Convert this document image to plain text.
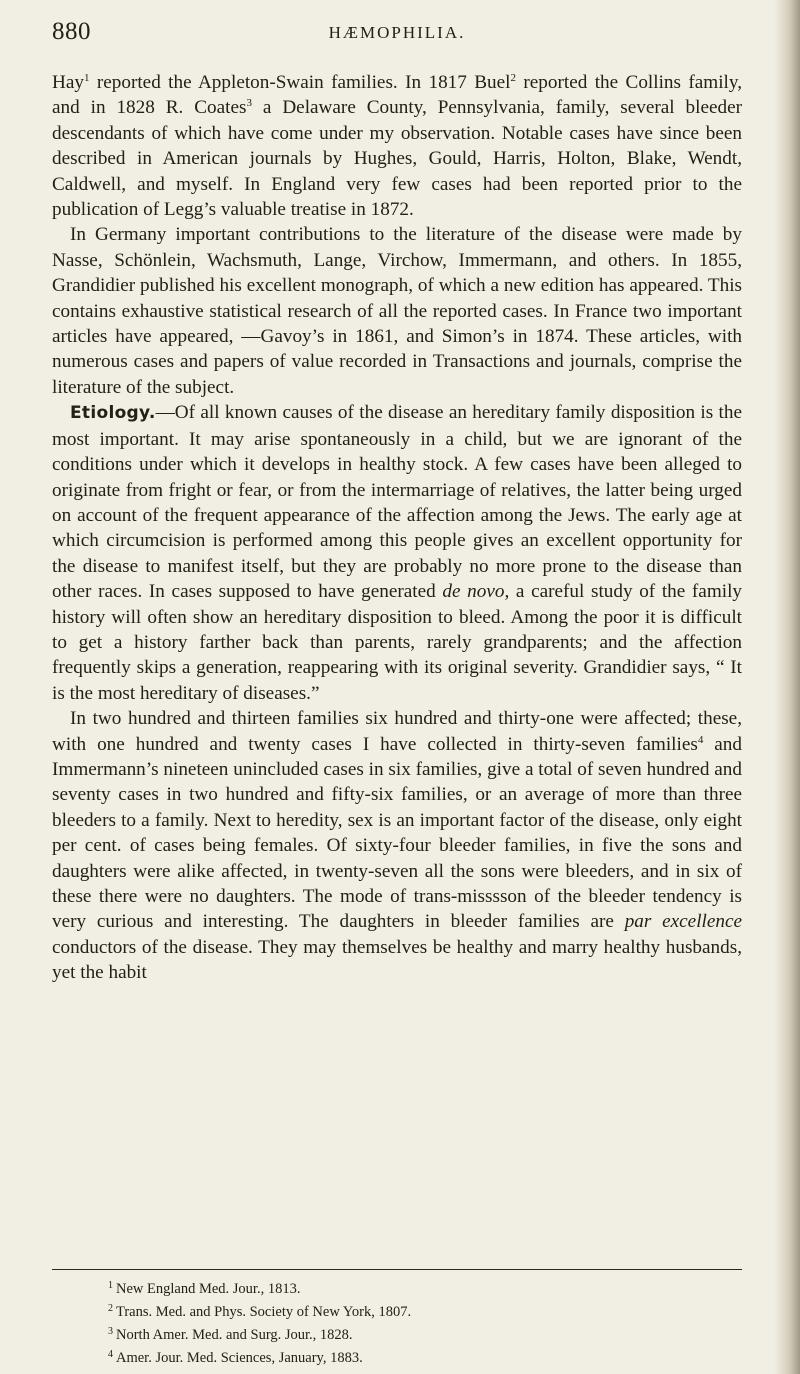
880	HÆMOPHILIA.

Hay$^1$ reported the Appleton-Swain families. In 1817 Buel$^2$ reported the Collins family, and in 1828 R. Coates$^3$ a Delaware County, Pennsylvania, family, several bleeder descendants of which have come under my observation. Notable cases have since been described in American journals by Hughes, Gould, Harris, Holton, Blake, Wendt, Caldwell, and myself. In England very few cases had been reported prior to the publication of Legg’s valuable treatise in 1872.

In Germany important contributions to the literature of the disease were made by Nasse, Schönlein, Wachsmuth, Lange, Virchow, Immermann, and others. In 1855, Grandidier published his excellent monograph, of which a new edition has appeared. This contains exhaustive statistical research of all the reported cases. In France two important articles have appeared, —Gavoy’s in 1861, and Simon’s in 1874. These articles, with numerous cases and papers of value recorded in Transactions and journals, comprise the literature of the subject.

Etiology.—Of all known causes of the disease an hereditary family disposition is the most important. It may arise spontaneously in a child, but we are ignorant of the conditions under which it develops in healthy stock. A few cases have been alleged to originate from fright or fear, or from the intermarriage of relatives, the latter being urged on account of the frequent appearance of the affection among the Jews. The early age at which circumcision is performed among this people gives an excellent opportunity for the disease to manifest itself, but they are probably no more prone to the disease than other races. In cases supposed to have generated de novo, a careful study of the family history will often show an hereditary disposition to bleed. Among the poor it is difficult to get a history farther back than parents, rarely grandparents; and the affection frequently skips a generation, reappearing with its original severity. Grandidier says, “ It is the most hereditary of diseases.”

In two hundred and thirteen families six hundred and thirty-one were affected; these, with one hundred and twenty cases I have collected in thirty-seven families$^4$ and Immermann’s nineteen unincluded cases in six families, give a total of seven hundred and seventy cases in two hundred and fifty-six families, or an average of more than three bleeders to a family. Next to heredity, sex is an important factor of the disease, only eight per cent. of cases being females. Of sixty-four bleeder families, in five the sons and daughters were alike affected, in twenty-seven all the sons were bleeders, and in six of these there were no daughters. The mode of trans-misssson of the bleeder tendency is very curious and interesting. The daughters in bleeder families are par excellence conductors of the disease. They may themselves be healthy and marry healthy husbands, yet the habit

$^1$ New England Med. Jour., 1813.
$^2$ Trans. Med. and Phys. Society of New York, 1807.
$^3$ North Amer. Med. and Surg. Jour., 1828.
$^4$ Amer. Jour. Med. Sciences, January, 1883.
